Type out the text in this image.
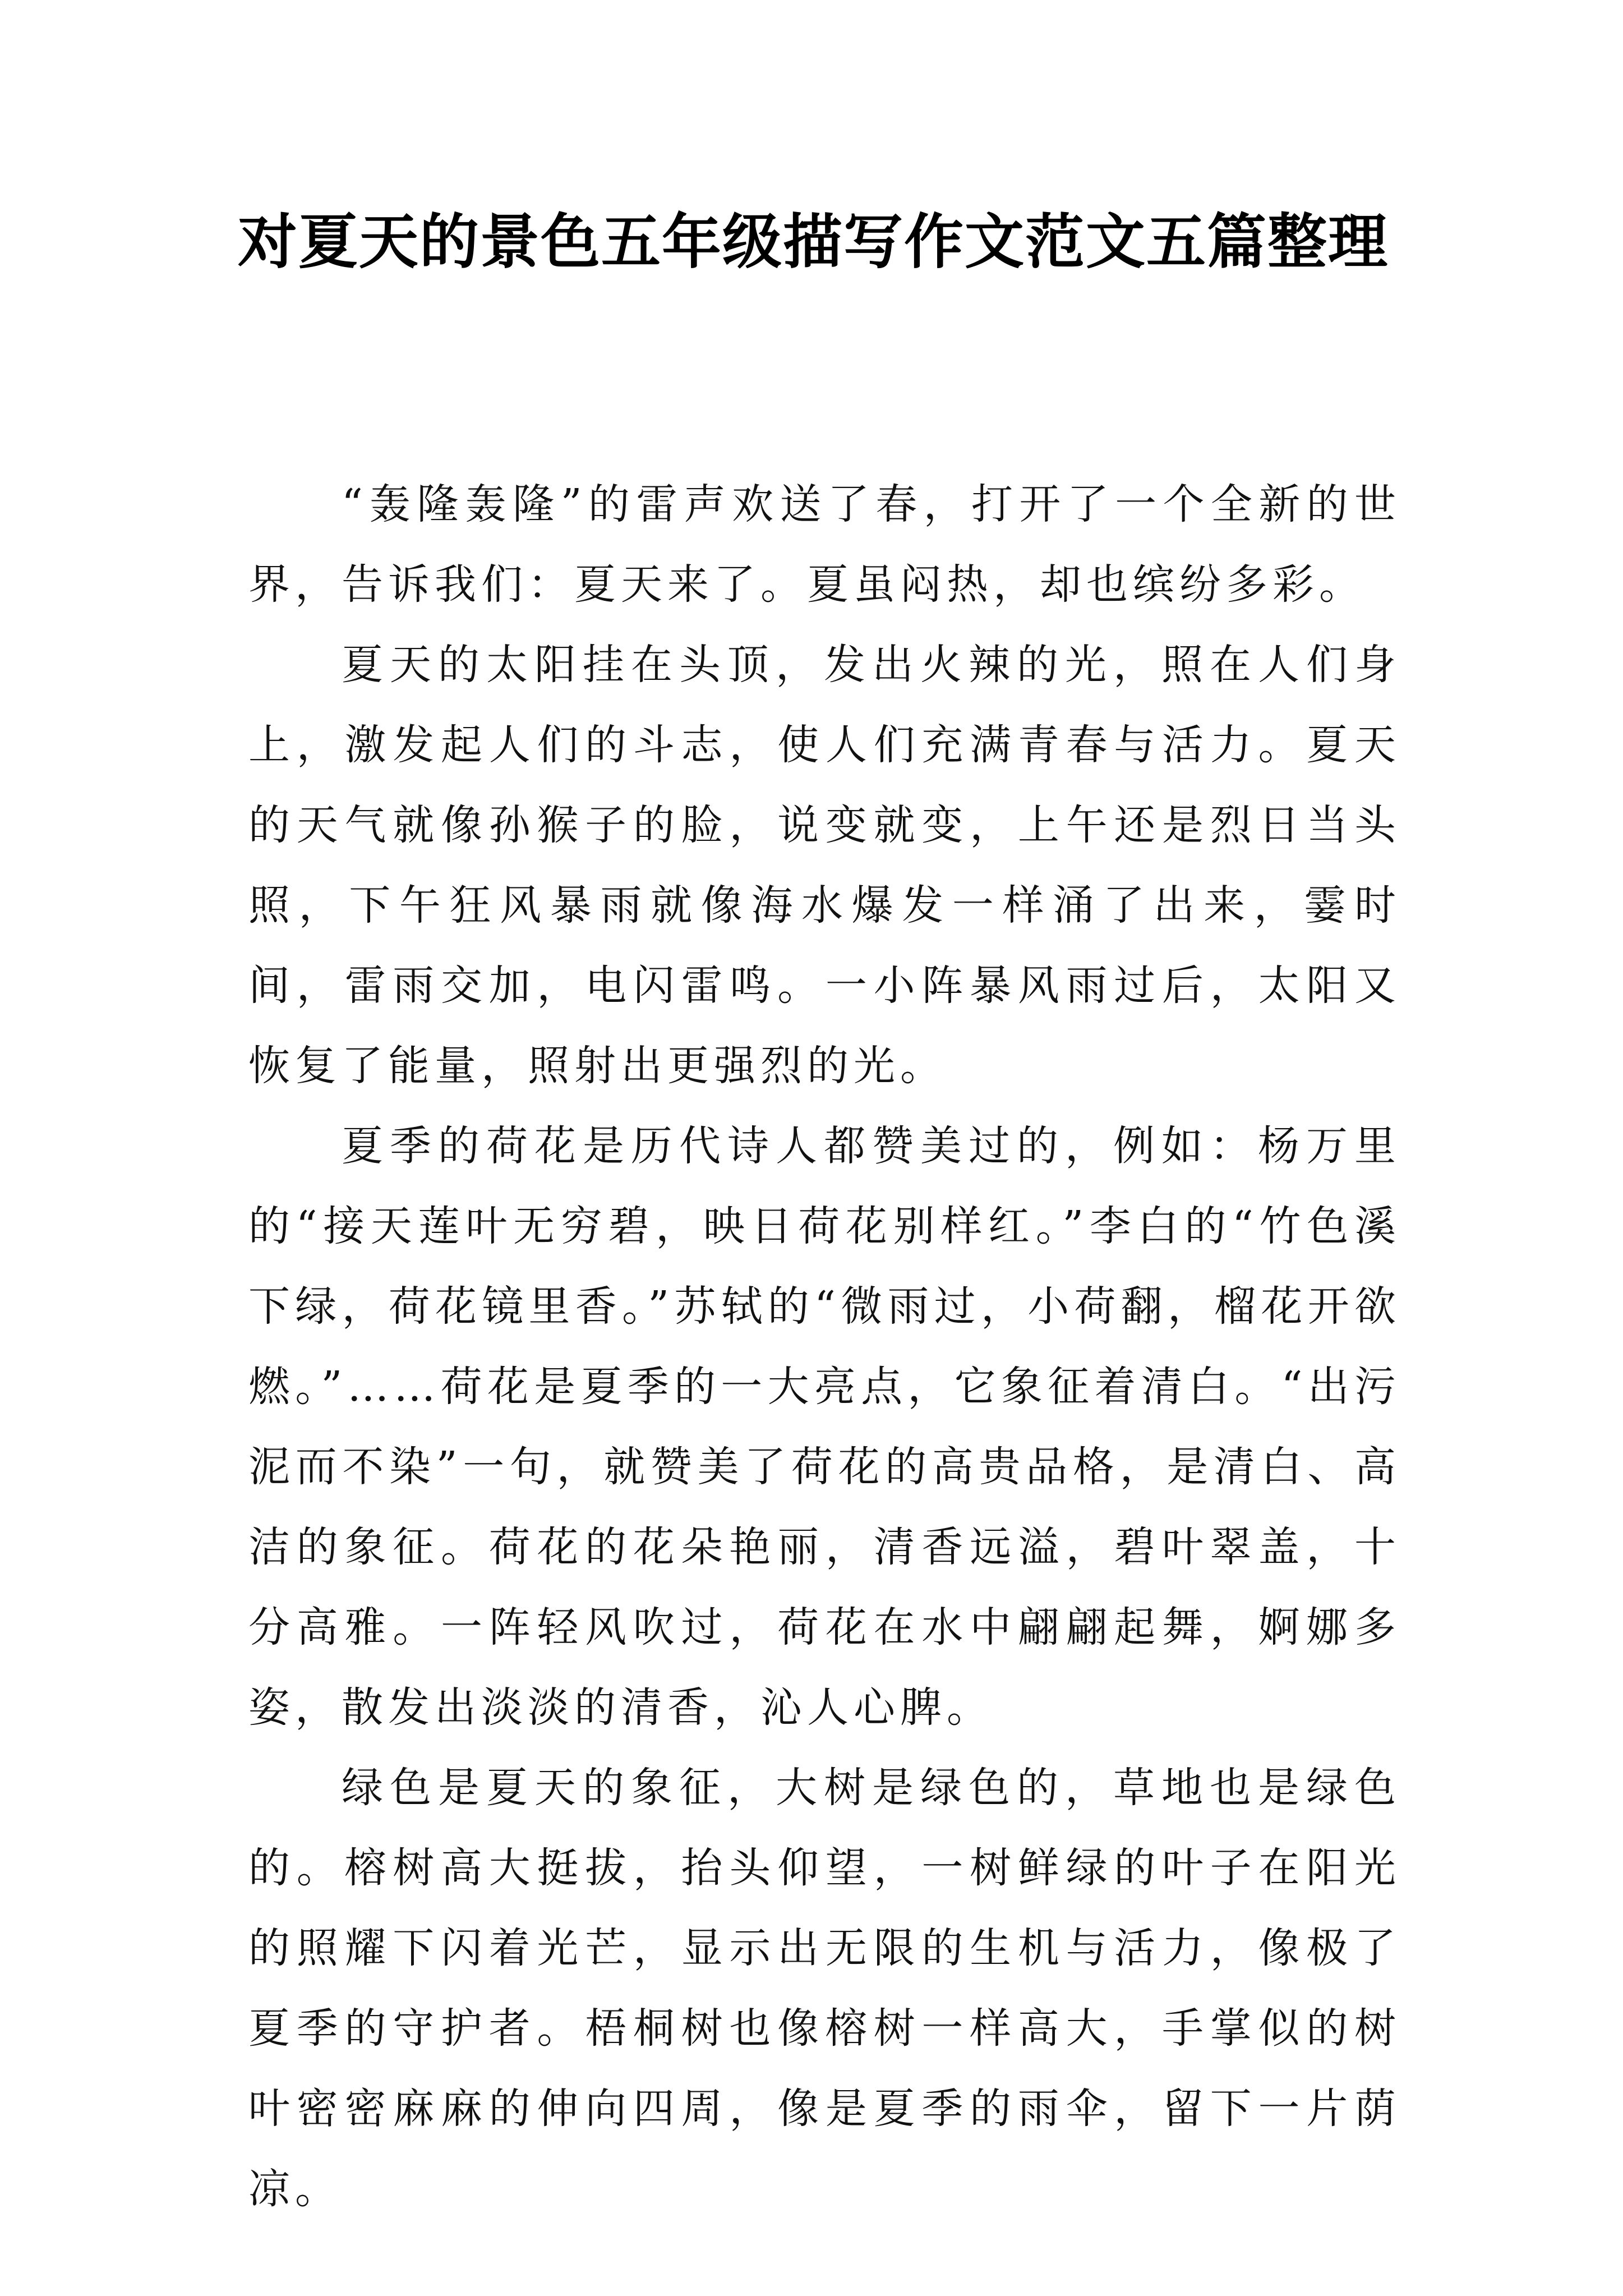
对夏天的景色五年级描写作文范文五篇整理

“轰隆轰隆”的雷声欢送了春，打开了一个全新的世界，告诉我们：夏天来了。夏虽闷热，却也缤纷多彩。

夏天的太阳挂在头顶，发出火辣的光，照在人们身上，激发起人们的斗志，使人们充满青春与活力。夏天的天气就像孙猴子的脸，说变就变，上午还是烈日当头照，下午狂风暴雨就像海水爆发一样涌了出来，霎时间，雷雨交加，电闪雷鸣。一小阵暴风雨过后，太阳又恢复了能量，照射出更强烈的光。

夏季的荷花是历代诗人都赞美过的，例如：杨万里的“接天莲叶无穷碧，映日荷花别样红。”李白的“竹色溪下绿，荷花镜里香。”苏轼的“微雨过，小荷翻，榴花开欲燃。”……荷花是夏季的一大亮点，它象征着清白。“出污泥而不染”一句，就赞美了荷花的高贵品格，是清白、高洁的象征。荷花的花朵艳丽，清香远溢，碧叶翠盖，十分高雅。一阵轻风吹过，荷花在水中翩翩起舞，婀娜多姿，散发出淡淡的清香，沁人心脾。

绿色是夏天的象征，大树是绿色的，草地也是绿色的。榕树高大挺拔，抬头仰望，一树鲜绿的叶子在阳光的照耀下闪着光芒，显示出无限的生机与活力，像极了夏季的守护者。梧桐树也像榕树一样高大，手掌似的树叶密密麻麻的伸向四周，像是夏季的雨伞，留下一片荫凉。
